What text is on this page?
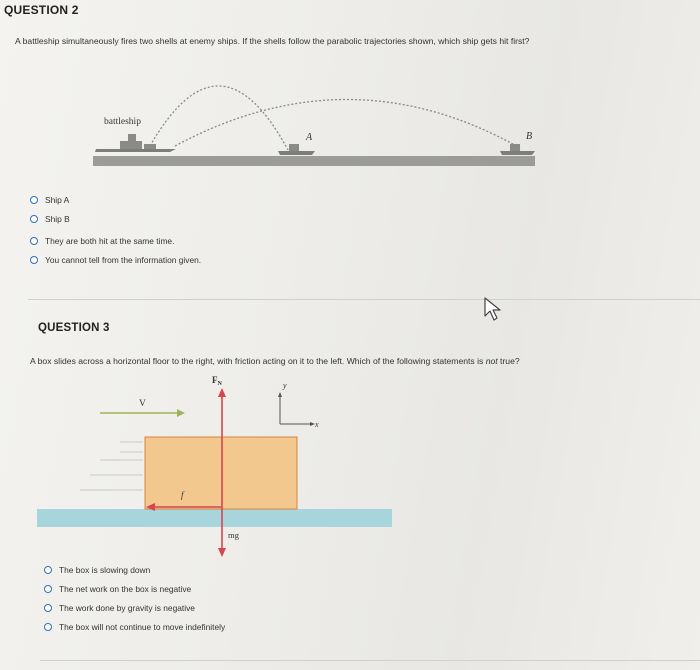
QUESTION 2
A battleship simultaneously fires two shells at enemy ships. If the shells follow the parabolic trajectories shown, which ship gets hit first?
battleship
A	B
Ship A
Ship B
They are both hit at the same time.
You cannot tell from the information given.
QUESTION 3
A box slides across a horizontal floor to the right, with friction acting on it to the left. Which of the following statements is not true?
V
$F_N$
mg
f
y
x
The box is slowing down
The net work on the box is negative
The work done by gravity is negative
The box will not continue to move indefinitely
